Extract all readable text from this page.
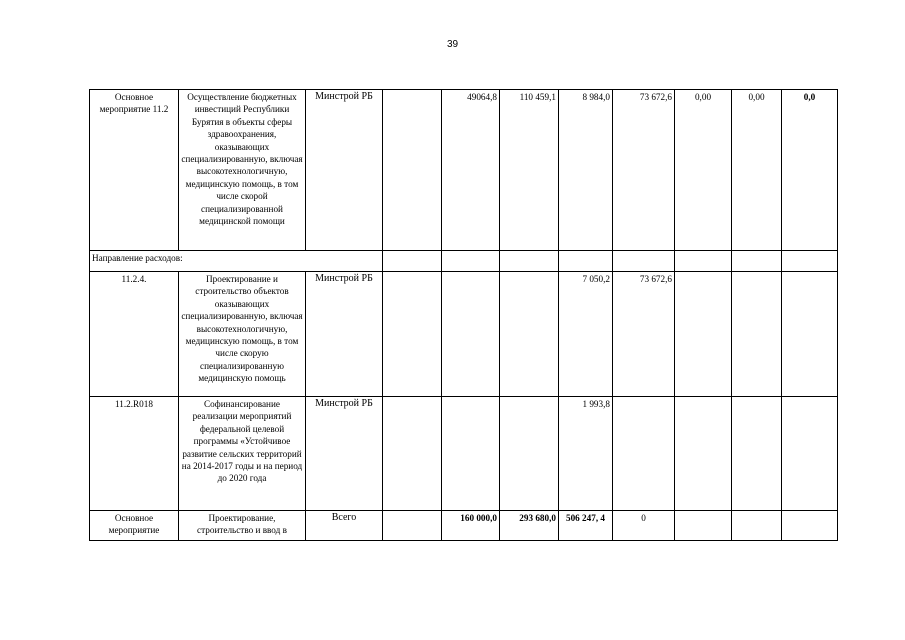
39
Основное мероприятие 11.2	Осуществление бюджетных инвестиций Республики Бурятия в объекты сферы здравоохранения, оказывающих специализированную, включая высокотехнологичную, медицинскую помощь, в том числе скорой специализированной медицинской помощи	Минстрой РБ		49064,8	110 459,1	8 984,0	73 672,6	0,00	0,00	0,0
Направление расходов:										
11.2.4.	Проектирование и строительство объектов оказывающих специализированную, включая высокотехнологичную, медицинскую помощь, в том числе скорую специализированную медицинскую помощь	Минстрой РБ				7 050,2	73 672,6			
11.2.R018	Софинансирование реализации мероприятий федеральной целевой программы «Устойчивое развитие сельских территорий на 2014-2017 годы и на период до 2020 года	Минстрой РБ				1 993,8				
Основное мероприятие	Проектирование, строительство и ввод в	Всего		160 000,0	293 680,0	506 247, 4	0			
